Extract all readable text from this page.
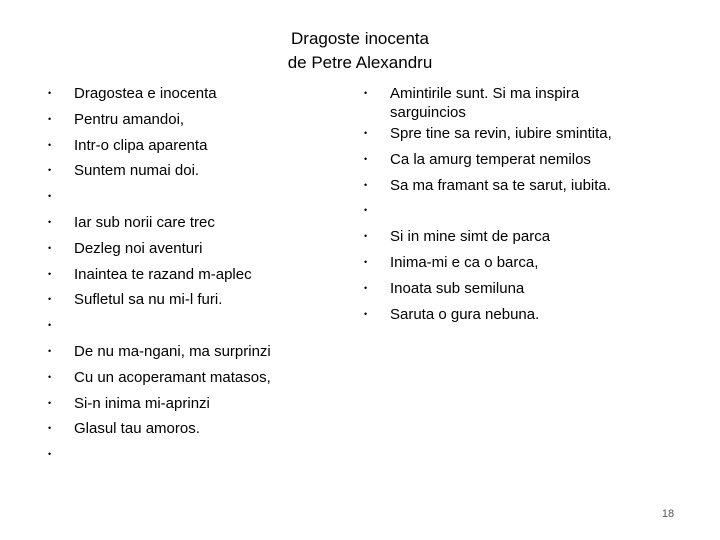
Dragoste inocenta
de Petre Alexandru
•	Dragostea e inocenta
•	Pentru amandoi,
•	Intr-o clipa aparenta
•	Suntem numai doi.
•
•	Iar sub norii care trec
•	Dezleg noi aventuri
•	Inaintea te razand m-aplec
•	Sufletul sa nu mi-l furi.
•
•	De nu ma-ngani, ma surprinzi
•	Cu un acoperamant matasos,
•	Si-n inima mi-aprinzi
•	Glasul tau amoros.
•
•	Amintirile sunt. Si ma inspira sarguincios
•	Spre tine sa revin, iubire smintita,
•	Ca la amurg temperat nemilos
•	Sa ma framant sa te sarut, iubita.
•
•	Si in mine simt de parca
•	Inima-mi e ca o barca,
•	Inoata sub semiluna
•	Saruta o gura nebuna.
18
